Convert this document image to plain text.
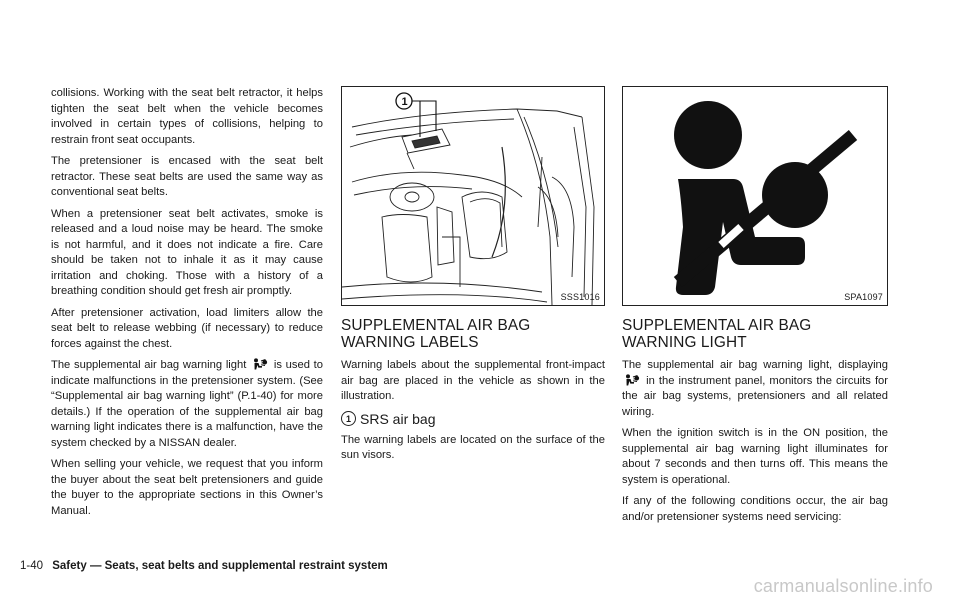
collisions. Working with the seat belt retractor, it helps tighten the seat belt when the vehicle becomes involved in certain types of collisions, helping to restrain front seat occupants.

The pretensioner is encased with the seat belt retractor. These seat belts are used the same way as conventional seat belts.

When a pretensioner seat belt activates, smoke is released and a loud noise may be heard. The smoke is not harmful, and it does not indicate a fire. Care should be taken not to inhale it as it may cause irritation and choking. Those with a history of a breathing condition should get fresh air promptly.

After pretensioner activation, load limiters allow the seat belt to release webbing (if necessary) to reduce forces against the chest.

The supplemental air bag warning light is used to indicate malfunctions in the pretensioner system. (See “Supplemental air bag warning light” (P.1-40) for more details.) If the operation of the supplemental air bag warning light indicates there is a malfunction, have the system checked by a NISSAN dealer.

When selling your vehicle, we request that you inform the buyer about the seat belt pretensioners and guide the buyer to the appropriate sections in this Owner’s Manual.

1
SSS1016
SUPPLEMENTAL AIR BAG WARNING LABELS

Warning labels about the supplemental front-impact air bag are placed in the vehicle as shown in the illustration.

1 SRS air bag

The warning labels are located on the surface of the sun visors.

SPA1097
SUPPLEMENTAL AIR BAG WARNING LIGHT

The supplemental air bag warning light, displaying  in the instrument panel, monitors the circuits for the air bag systems, pretensioners and all related wiring.

When the ignition switch is in the ON position, the supplemental air bag warning light illuminates for about 7 seconds and then turns off. This means the system is operational.

If any of the following conditions occur, the air bag and/or pretensioner systems need servicing:

1-40 Safety — Seats, seat belts and supplemental restraint system
carmanualsonline.info
